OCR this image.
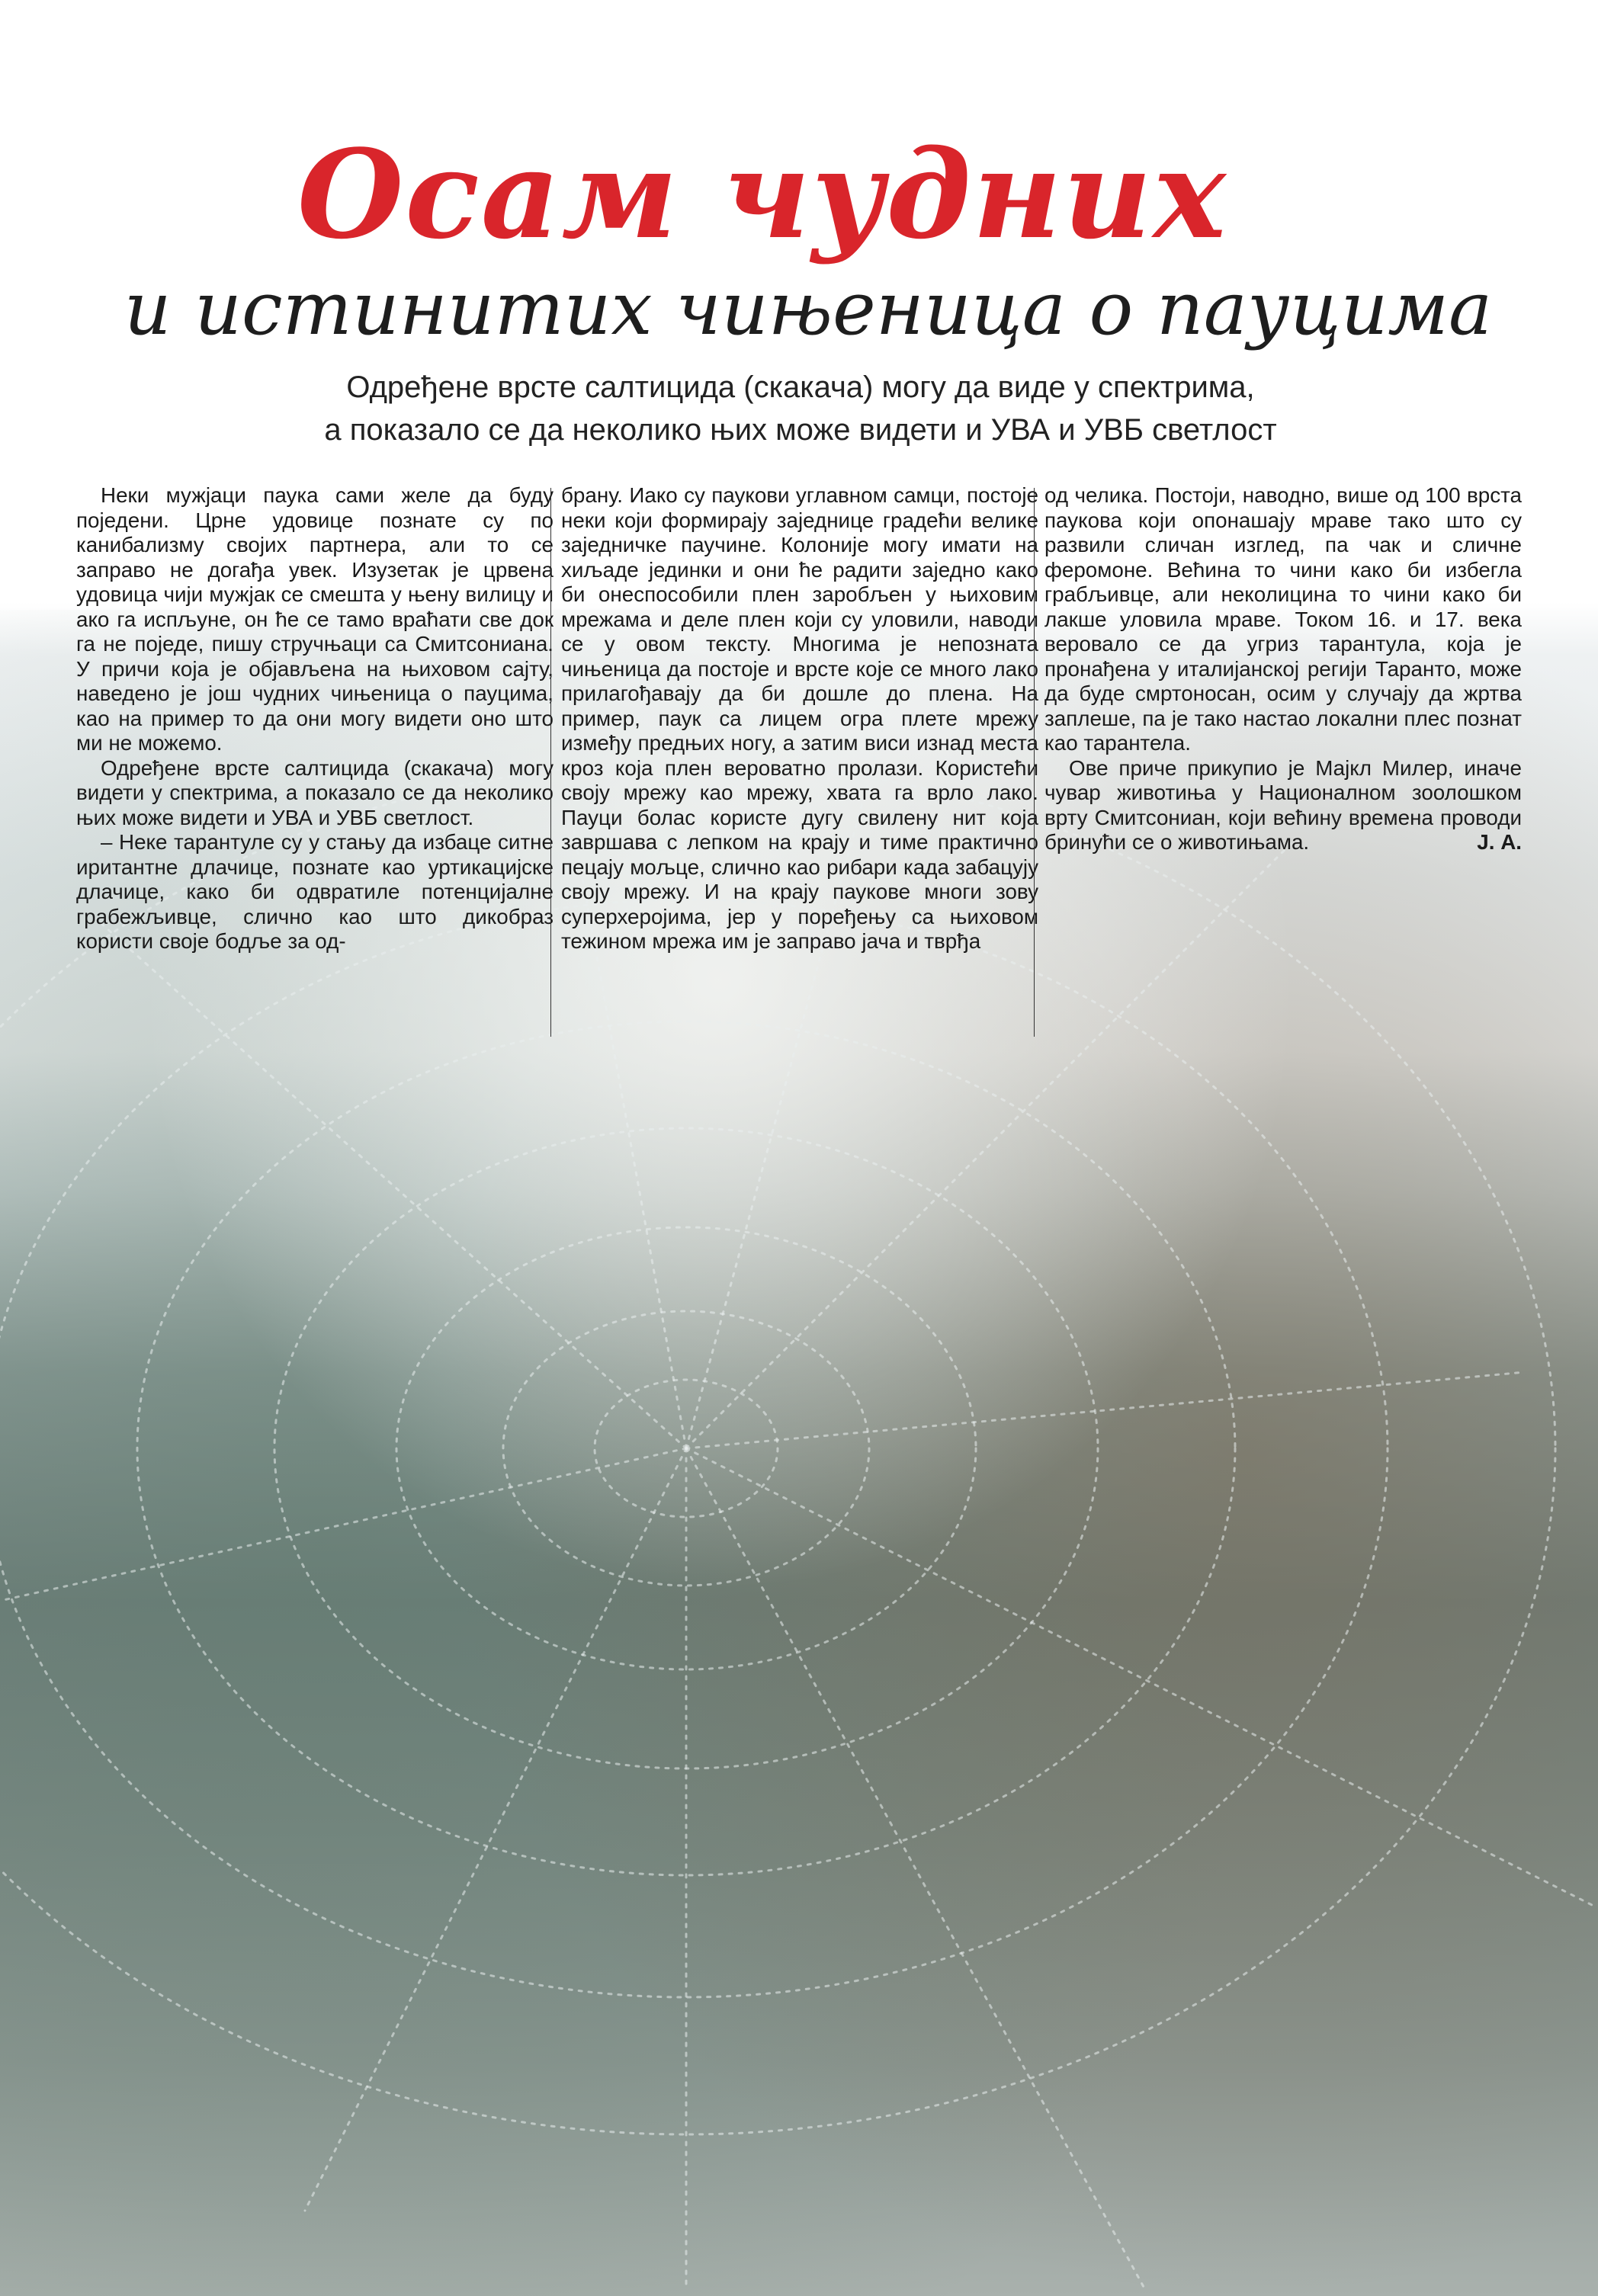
Осам чудних
и истинитих чињеница о пауцима
Одређене врсте салтицида (скакача) могу да виде у спектрима,
а показало се да неколико њих може видети и УВА и УВБ светлост

Неки мужјаци паука сами желе да буду поједени. Црне удовице познате су по канибализму својих партнера, али то се заправо не догађа увек. Изузетак је црвена удовица чији мужјак се смешта у њену вилицу и ако га испљуне, он ће се тамо враћати све док га не поједе, пишу стручњаци са Смитсониана. У причи која је објављена на њиховом сајту, наведено је још чудних чињеница о пауцима, као на пример то да они могу видети оно што ми не можемо.

Одређене врсте салтицида (скакача) могу видети у спектрима, а показало се да неколико њих може видети и УВА и УВБ светлост.

– Неке тарантуле су у стању да избаце ситне иритантне длачице, познате као уртикацијске длачице, како би одвратиле потенцијалне грабежљивце, слично као што дикобраз користи своје бодље за од-

брану. Иако су паукови углавном самци, постоје неки који формирају заједнице градећи велике заједничке паучине. Колоније могу имати на хиљаде јединки и они ће радити заједно како би онеспособили плен заробљен у њиховим мрежама и деле плен који су уловили, наводи се у овом тексту. Многима је непозната чињеница да постоје и врсте које се много лако прилагођавају да би дошле до плена. На пример, паук са лицем огра плете мрежу између предњих ногу, а затим виси изнад места кроз која плен вероватно пролази. Користећи своју мрежу као мрежу, хвата га врло лако. Пауци болас користе дугу свилену нит која завршава с лепком на крају и тиме практично пецају мољце, слично као рибари када забацују своју мрежу. И на крају паукове многи зову суперхеројима, јер у поређењу са њиховом тежином мрежа им је заправо јача и тврђа

од челика. Постоји, наводно, више од 100 врста паукова који опонашају мраве тако што су развили сличан изглед, па чак и сличне феромоне. Већина то чини како би избегла грабљивце, али неколицина то чини како би лакше уловила мраве. Током 16. и 17. века веровало се да угриз тарантула, која је пронађена у италијанској регији Таранто, може да буде смртоносан, осим у случају да жртва заплеше, па је тако настао локални плес познат као тарантела.

Ове приче прикупио је Мајкл Милер, иначе чувар животиња у Националном зоолошком врту Смитсониан, који већину времена проводи бринући се о животињама.	Ј. А.
